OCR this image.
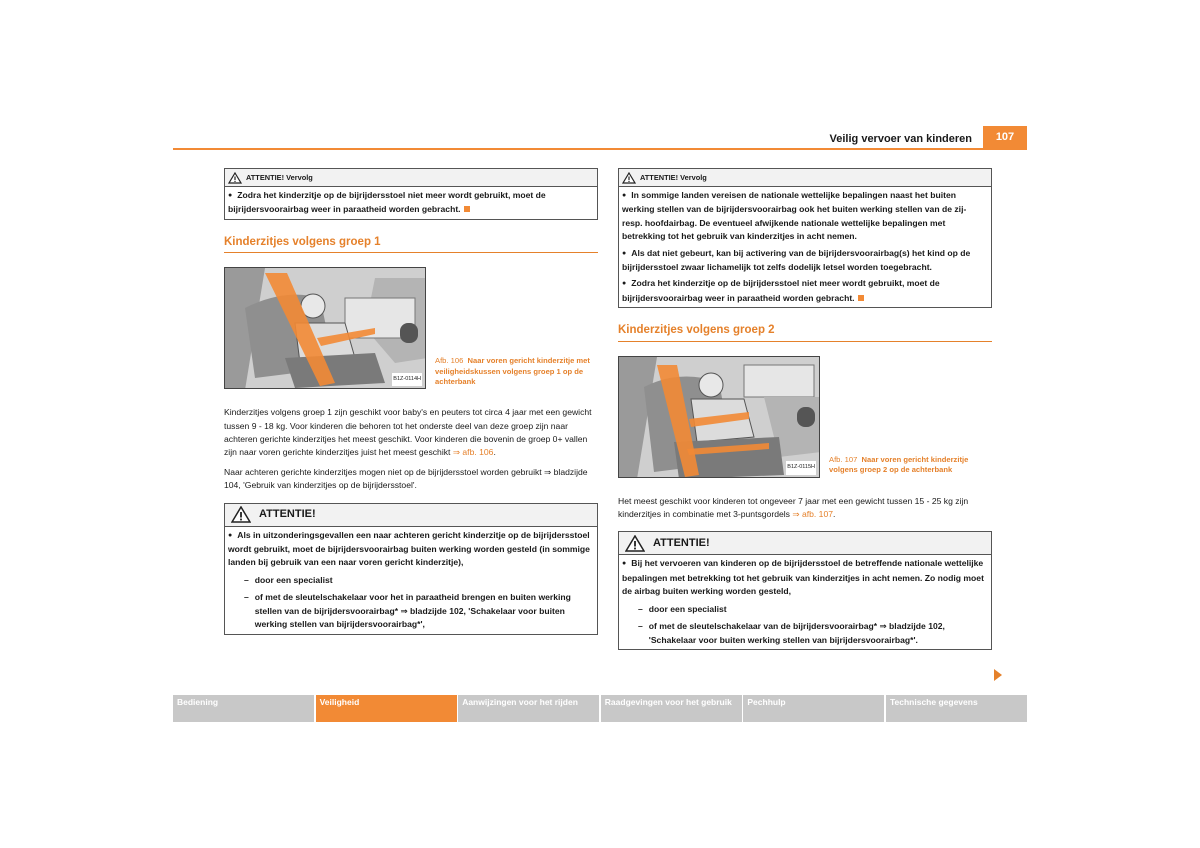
Veilig vervoer van kinderen	107
ATTENTIE! Vervolg
● Zodra het kinderzitje op de bijrijdersstoel niet meer wordt gebruikt, moet de bijrijdersvoorairbag weer in paraatheid worden gebracht.
Kinderzitjes volgens groep 1
B1Z-0114H
Afb. 106 Naar voren gericht kinderzitje met veiligheidskussen volgens groep 1 op de achterbank

Kinderzitjes volgens groep 1 zijn geschikt voor baby's en peuters tot circa 4 jaar met een gewicht tussen 9 - 18 kg. Voor kinderen die behoren tot het onderste deel van deze groep zijn naar achteren gerichte kinderzitjes het meest geschikt. Voor kinderen die bovenin de groep 0+ vallen zijn naar voren gerichte kinderzitjes juist het meest geschikt ⇒ afb. 106.

Naar achteren gerichte kinderzitjes mogen niet op de bijrijdersstoel worden gebruikt ⇒ bladzijde 104, 'Gebruik van kinderzitjes op de bijrijdersstoel'.

ATTENTIE!
● Als in uitzonderingsgevallen een naar achteren gericht kinderzitje op de bijrijdersstoel wordt gebruikt, moet de bijrijdersvoorairbag buiten werking worden gesteld (in sommige landen bij gebruik van een naar voren gericht kinderzitje),
– door een specialist
– of met de sleutelschakelaar voor het in paraatheid brengen en buiten werking stellen van de bijrijdersvoorairbag* ⇒ bladzijde 102, 'Schakelaar voor buiten werking stellen van bijrijdersvoorairbag*',
ATTENTIE! Vervolg
● In sommige landen vereisen de nationale wettelijke bepalingen naast het buiten werking stellen van de bijrijdersvoorairbag ook het buiten werking stellen van de zij- resp. hoofdairbag. De eventueel afwijkende nationale wettelijke bepalingen met betrekking tot het gebruik van kinderzitjes in acht nemen.
● Als dat niet gebeurt, kan bij activering van de bijrijdersvoorairbag(s) het kind op de bijrijdersstoel zwaar lichamelijk tot zelfs dodelijk letsel worden toegebracht.
● Zodra het kinderzitje op de bijrijdersstoel niet meer wordt gebruikt, moet de bijrijdersvoorairbag weer in paraatheid worden gebracht.
Kinderzitjes volgens groep 2
B1Z-0115H
Afb. 107 Naar voren gericht kinderzitje volgens groep 2 op de achterbank

Het meest geschikt voor kinderen tot ongeveer 7 jaar met een gewicht tussen 15 - 25 kg zijn kinderzitjes in combinatie met 3-puntsgordels ⇒ afb. 107.

ATTENTIE!
● Bij het vervoeren van kinderen op de bijrijdersstoel de betreffende nationale wettelijke bepalingen met betrekking tot het gebruik van kinderzitjes in acht nemen. Zo nodig moet de airbag buiten werking worden gesteld,
– door een specialist
– of met de sleutelschakelaar van de bijrijdersvoorairbag* ⇒ bladzijde 102, 'Schakelaar voor buiten werking stellen van bijrijdersvoorairbag*'.
Bediening	Veiligheid	Aanwijzingen voor het rijden	Raadgevingen voor het gebruik	Pechhulp	Technische gegevens
